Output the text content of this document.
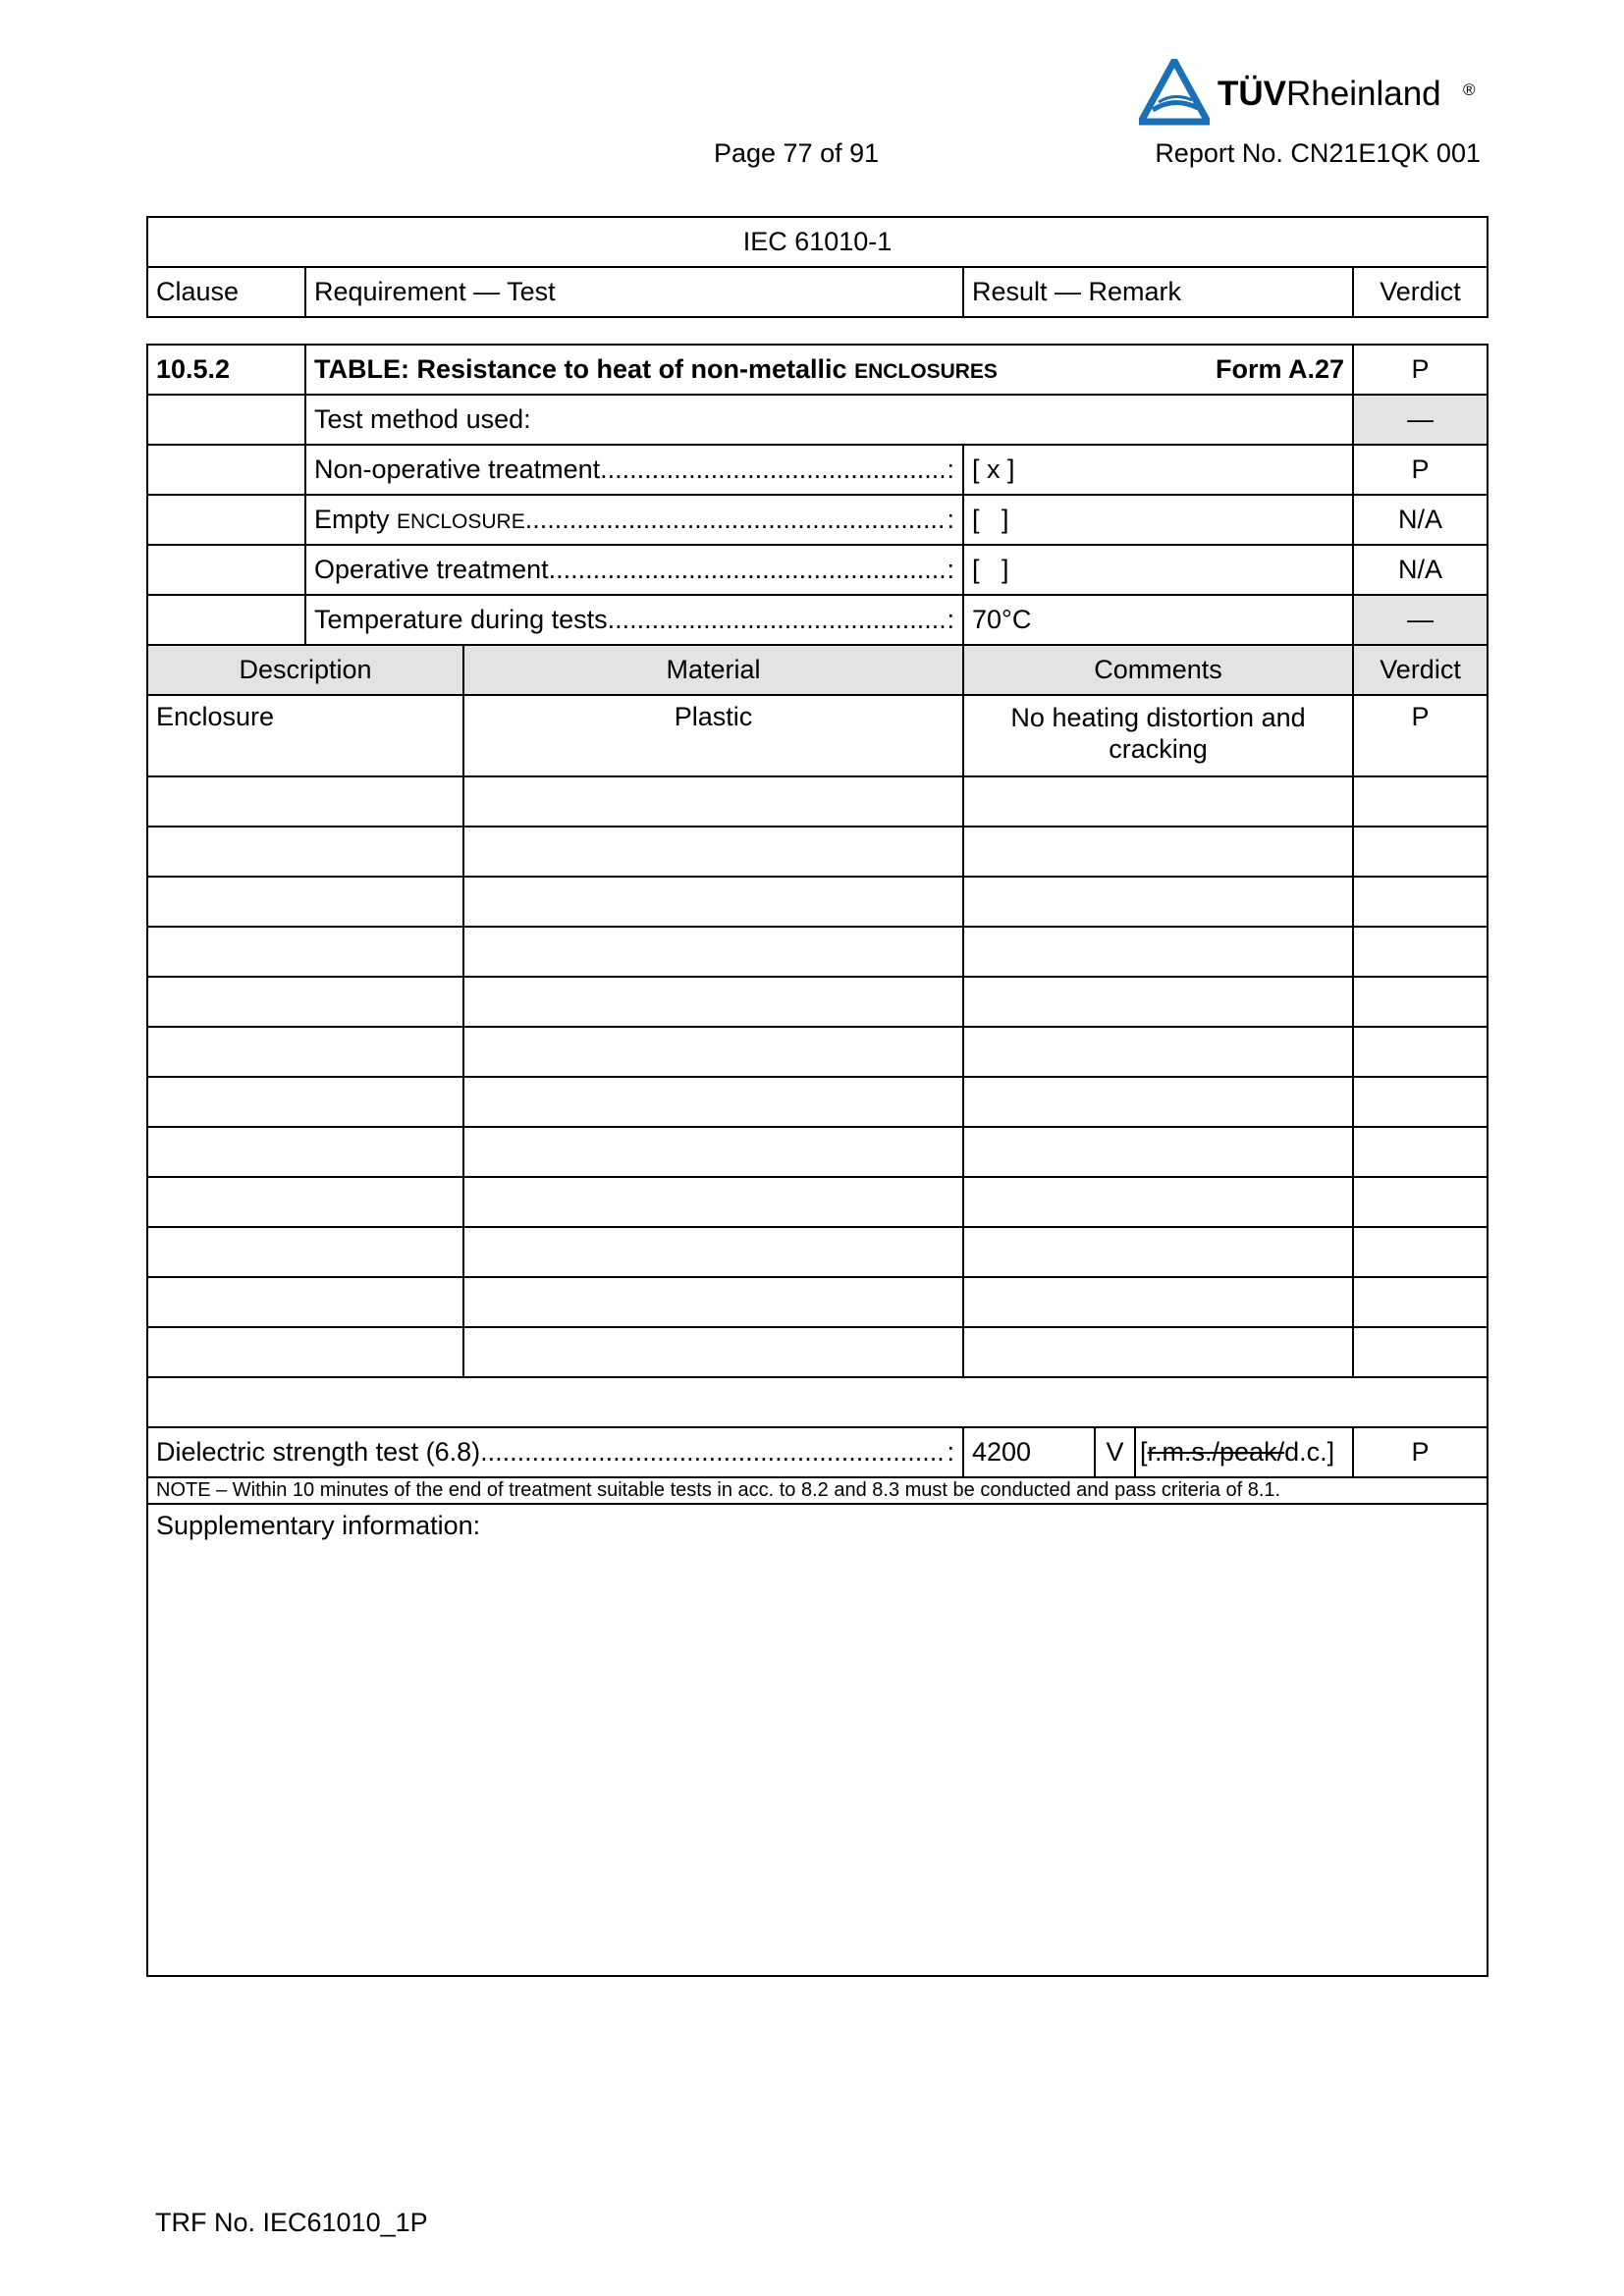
TÜVRheinland ®
Page 77 of 91	Report No. CN21E1QK 001
IEC 61010-1
Clause	Requirement — Test	Result — Remark	Verdict
10.5.2	TABLE: Resistance to heat of non-metallic ENCLOSURES Form A.27					P
	Test method used:					—

	Non-operative treatment ..... :		[ x ]			P

	Empty ENCLOSURE ..... :		[   ]			N/A

	Operative treatment ..... :		[   ]			N/A

	Temperature during tests ..... :		70°C			—
Description		Material	Comments			Verdict
Enclosure		Plastic	No heating distortion and cracking			P

Dielectric strength test (6.8) ..... :			4200	V	[r.m.s./peak/d.c.]	P
NOTE – Within 10 minutes of the end of treatment suitable tests in acc. to 8.2 and 8.3 must be conducted and pass criteria of 8.1.						
Supplementary information:						
TRF No. IEC61010_1P
